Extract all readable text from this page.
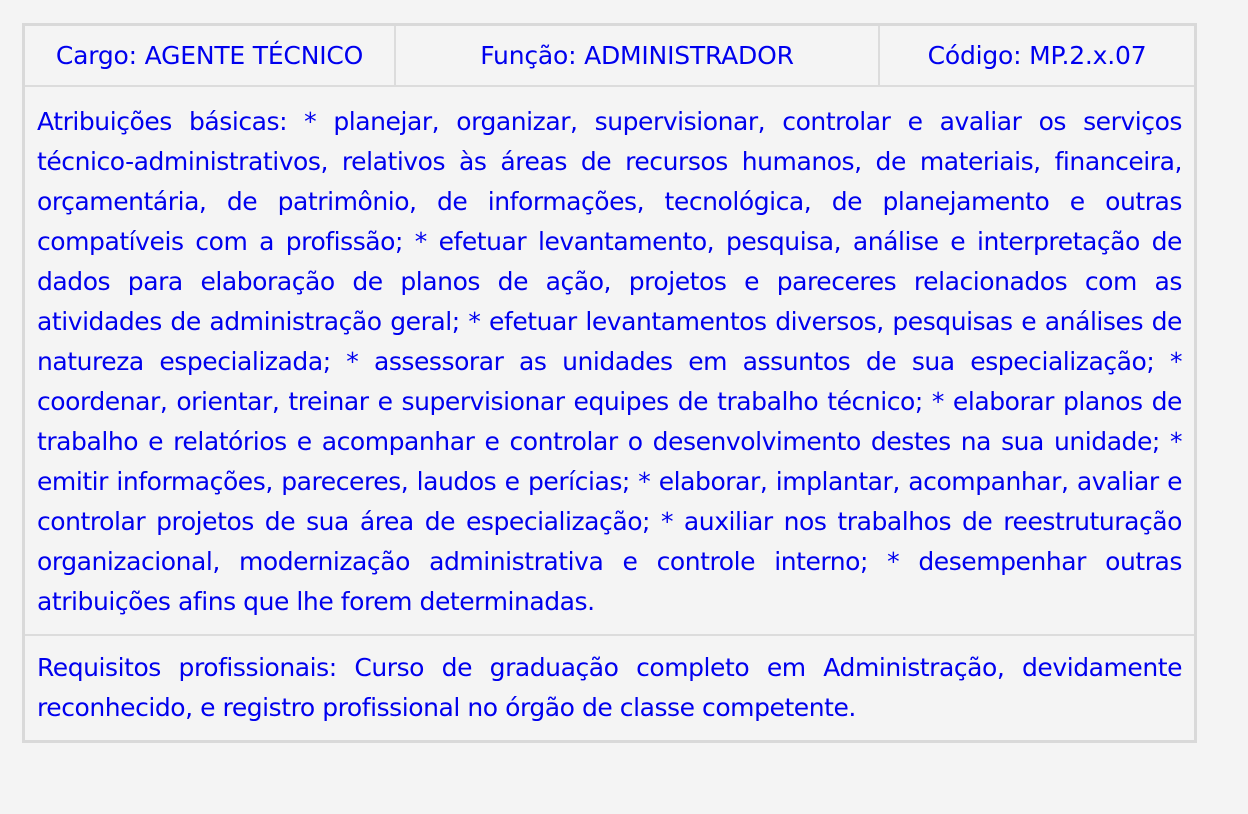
Cargo: AGENTE TÉCNICO	Função: ADMINISTRADOR	Código: MP.2.x.07
Atribuições básicas: * planejar, organizar, supervisionar, controlar e avaliar os serviços técnico-administrativos, relativos às áreas de recursos humanos, de materiais, financeira, orçamentária, de patrimônio, de informações, tecnológica, de planejamento e outras compatíveis com a profissão; * efetuar levantamento, pesquisa, análise e interpretação de dados para elaboração de planos de ação, projetos e pareceres relacionados com as atividades de administração geral; * efetuar levantamentos diversos, pesquisas e análises de natureza especializada; * assessorar as unidades em assuntos de sua especialização; * coordenar, orientar, treinar e supervisionar equipes de trabalho técnico; * elaborar planos de trabalho e relatórios e acompanhar e controlar o desenvolvimento destes na sua unidade; * emitir informações, pareceres, laudos e perícias; * elaborar, implantar, acompanhar, avaliar e controlar projetos de sua área de especialização; * auxiliar nos trabalhos de reestruturação organizacional, modernização administrativa e controle interno; * desempenhar outras atribuições afins que lhe forem determinadas.
Requisitos profissionais: Curso de graduação completo em Administração, devidamente reconhecido, e registro profissional no órgão de classe competente.
